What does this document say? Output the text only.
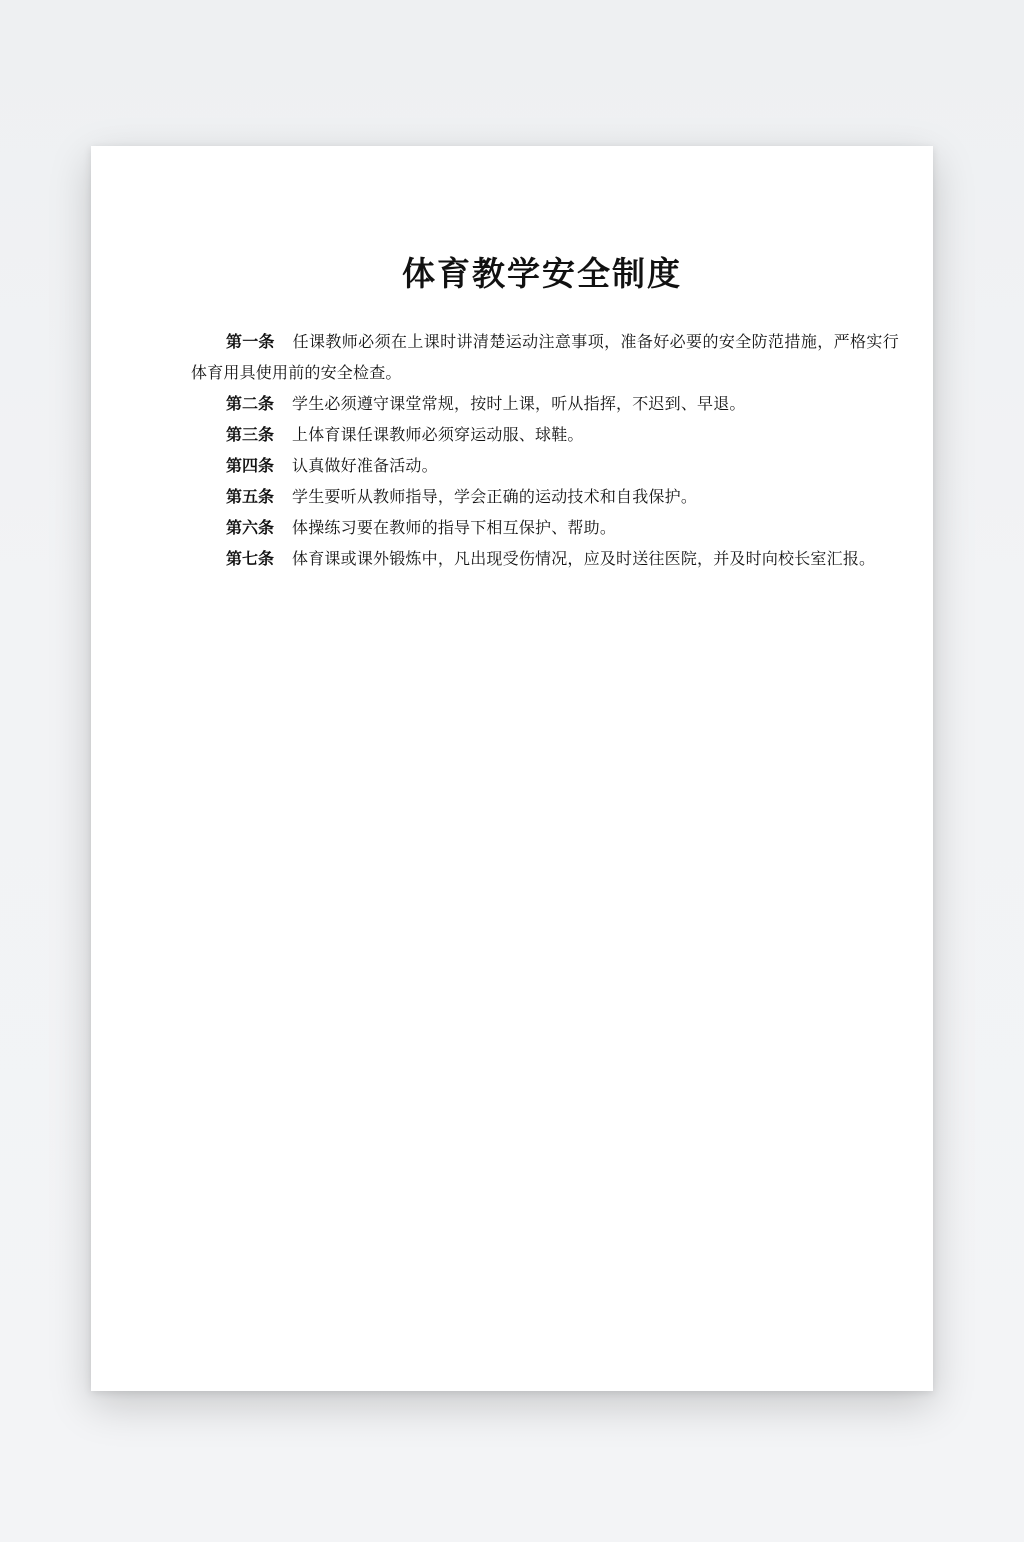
体育教学安全制度

第一条 任课教师必须在上课时讲清楚运动注意事项，准备好必要的安全防范措施，严格实行体育用具使用前的安全检查。

第二条 学生必须遵守课堂常规，按时上课，听从指挥，不迟到、早退。

第三条 上体育课任课教师必须穿运动服、球鞋。

第四条 认真做好准备活动。

第五条 学生要听从教师指导，学会正确的运动技术和自我保护。

第六条 体操练习要在教师的指导下相互保护、帮助。

第七条 体育课或课外锻炼中，凡出现受伤情况，应及时送往医院，并及时向校长室汇报。
